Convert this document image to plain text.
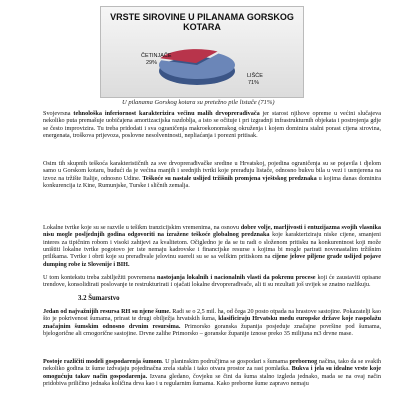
VRSTE SIROVINE U PILANAMA GORSKOG KOTARA
ČETINJAČE
29%
LIŠĆE
71%
U pilanama Gorskog kotara su pretežno pile listače (71%)
Svojevrsna tehnološka inferiornost karakterizira većinu malih drvoprerađivača jer starost njihove opreme u većini slučajeva nekoliko puta premašuje uobičajena amortizacijska razdoblja, a isto se očituje i pri izgradnji infrastrukturnih objekata i postrojenja gdje se često improvizira. Tu treba pridodati i sva ograničenja makroekonomskog okruženja i kojem dominira stalni porast cijena sirovina, energenata, troškova prijevoza, poslovne nesolventnosti, nepliaćanja i porezni pritisak.
Osim tih skupnih teškoća karakterističnih za sve drvoprerađivačke sredine u Hrvatskoj, pojedina ograničenja su se pojavila i djelom samo u Gorskom kotaru, budući da je većina manjih i srednjih tvrtki koje prerađuju listače, odnosno bukvu bila u vezi i usmjerena na izvoz na tržište Italije, odnosno Udine. Teškoće su nastale uslijed tržišnih promjena vještskog predznaka u kojima danas dominira konkurencija iz Kine, Rumunjske, Turske i sličnih zemalja.
Lokalne tvrtke koje su se razvile u tešikm tranzicijskim vremenima, na osnovu dobre volje, marljivosti i entuzijazma svojih vlasnika nisu mogle posljednjih godina odgovoriti na izražene teškoće globalnog predznaka koje karakteriziraju niske cijene, smanjeni interes za tipičnim robom i visoki zahtjevi za kvalitetom. Očigledno je da se tu radi o složenom pritisku na konkurentnost koji može uništiti lokalne tvrtke pogotovo jer iste nemaju kadrovske i financijske resurse s kojima bi mogle parirati novonastalim tržišnim prilikama. Tvrtke i obrti koje su prerađivale jelovinu suereli su se sa velikim pritiskom na cijene jelove piljene građe uslijed pojave dumping robe iz Slovenije i BIH.
U tom kontekstu treba zabilježiti povremena nastojanja lokalnih i nacionalnih vlasti da pokrenu procese koji će zaustaviti opisane trendove, konsolidirati poslovanje te restrukturirati i ojačati lokalne drvoprerađivače, ali ti su rezultati još uvijek se znatno razlikuju.
3.2 Šumarstvo
Jedan od najvažnijih resursa RH su njene šume. Radi se o 2,5 mil. ha, od čega 20 posto otpada na hrastove sastojine. Pokazatelji kao što je pokrivenost šumama, prirast te drugi obilježja hrvatskih šuma, klasificiraju Hrvatsku među europske države koje raspolažu značajnim šumskim odnosno drvnim resursima. Primorsko goranska županija posjeduje značajne površine pod šumama, bjelogorične ali crnogorične sastojine. Drvne zalihe Primorsko – goranske županije iznose preko 35 milijuna m3 drvne mase.
Postoje različiti modeli gospodarenja šumom. U planinskim područjima se gospodari s šumama prebornog načina, tako da se svakih nekoliko godina iz šume izdvajaju pojedinačna zrela stabla i tako otvara prostor za rast pomlatka. Bukva i jela su idealne vrste koje omogućuju takav način gospodarenja. Izvana gledano, čovjeku se čini da šuma stalno izgleda jednako, mada se na ovaj način pridobiva priličino jednaka količina drva kao i u regularnim šumama. Kako preborne šume zapravo nemaju
